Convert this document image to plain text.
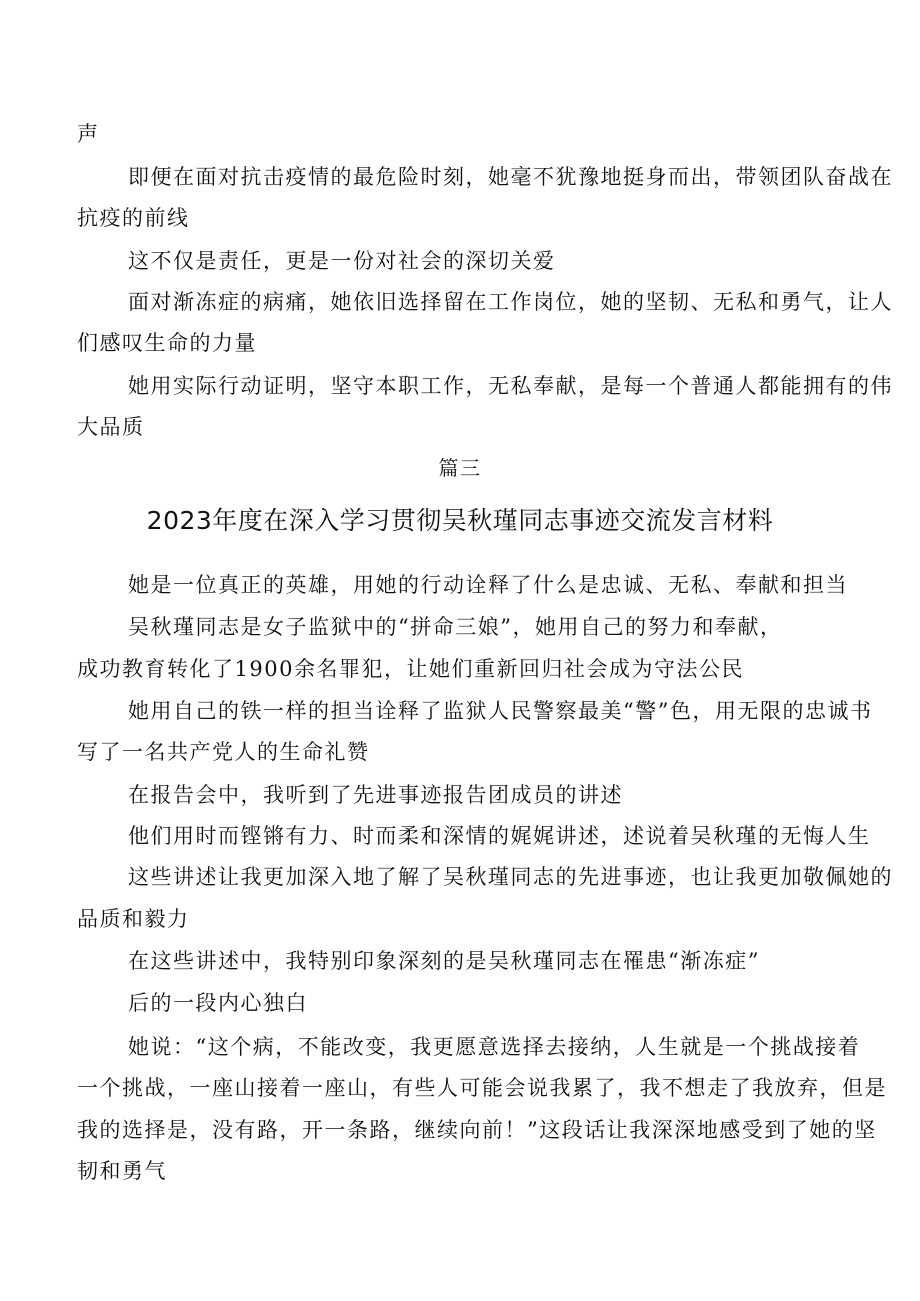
声

即便在面对抗击疫情的最危险时刻，她毫不犹豫地挺身而出，带领团队奋战在

抗疫的前线

这不仅是责任，更是一份对社会的深切关爱

面对渐冻症的病痛，她依旧选择留在工作岗位，她的坚韧、无私和勇气，让人

们感叹生命的力量

她用实际行动证明，坚守本职工作，无私奉献，是每一个普通人都能拥有的伟

大品质

篇三

2023年度在深入学习贯彻吴秋瑾同志事迹交流发言材料

她是一位真正的英雄，用她的行动诠释了什么是忠诚、无私、奉献和担当

吴秋瑾同志是女子监狱中的“拼命三娘”，她用自己的努力和奉献，

成功教育转化了1900余名罪犯，让她们重新回归社会成为守法公民

她用自己的铁一样的担当诠释了监狱人民警察最美“警”色，用无限的忠诚书

写了一名共产党人的生命礼赞

在报告会中，我听到了先进事迹报告团成员的讲述

他们用时而铿锵有力、时而柔和深情的娓娓讲述，述说着吴秋瑾的无悔人生

这些讲述让我更加深入地了解了吴秋瑾同志的先进事迹，也让我更加敬佩她的

品质和毅力

在这些讲述中，我特别印象深刻的是吴秋瑾同志在罹患“渐冻症”

后的一段内心独白

她说：“这个病，不能改变，我更愿意选择去接纳，人生就是一个挑战接着

一个挑战，一座山接着一座山，有些人可能会说我累了，我不想走了我放弃，但是

我的选择是，没有路，开一条路，继续向前！”这段话让我深深地感受到了她的坚

韧和勇气
